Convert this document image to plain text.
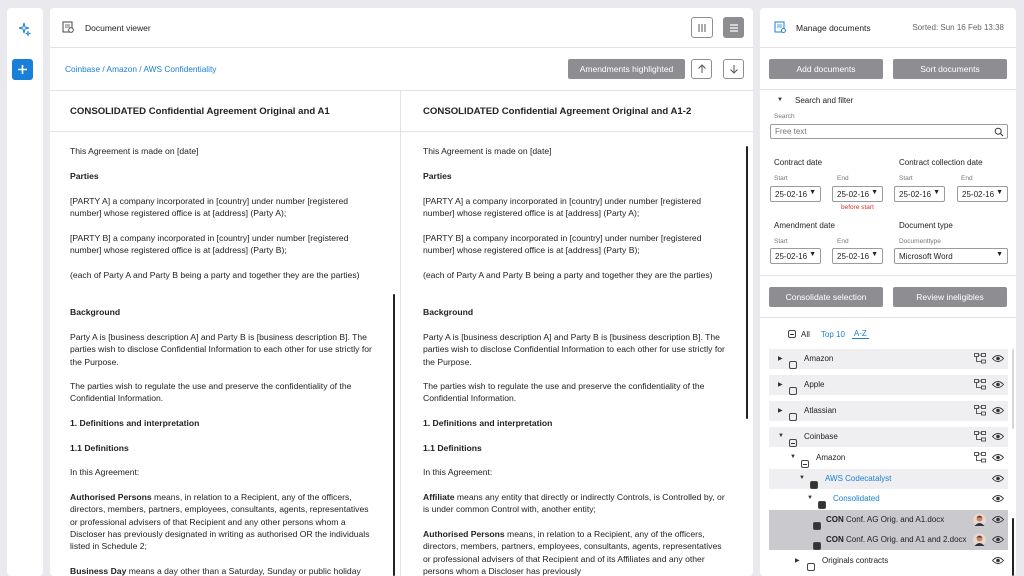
Document viewer
Coinbase / Amazon / AWS Confidentiality	Amendments highlighted
CONSOLIDATED Confidential Agreement Original and A1

This Agreement is made on [date]

Parties

[PARTY A] a company incorporated in [country] under number [registered number] whose registered office is at [address] (Party A);

[PARTY B] a company incorporated in [country] under number [registered number] whose registered office is at [address] (Party B);

(each of Party A and Party B being a party and together they are the parties)

Background

Party A is [business description A] and Party B is [business description B]. The parties wish to disclose Confidential Information to each other for use strictly for the Purpose.

The parties wish to regulate the use and preserve the confidentiality of the Confidential Information.

1. Definitions and interpretation

1.1 Definitions

In this Agreement:

Authorised Persons means, in relation to a Recipient, any of the officers, directors, members, partners, employees, consultants, agents, representatives or professional advisers of that Recipient and any other persons whom a Discloser has previously designated in writing as authorised OR the individuals listed in Schedule 2;

Business Day means a day other than a Saturday, Sunday or public holiday

CONSOLIDATED Confidential Agreement Original and A1-2

This Agreement is made on [date]

Parties

[PARTY A] a company incorporated in [country] under number [registered number] whose registered office is at [address] (Party A);

[PARTY B] a company incorporated in [country] under number [registered number] whose registered office is at [address] (Party B);

(each of Party A and Party B being a party and together they are the parties)

Background

Party A is [business description A] and Party B is [business description B]. The parties wish to disclose Confidential Information to each other for use strictly for the Purpose.

The parties wish to regulate the use and preserve the confidentiality of the Confidential Information.

1. Definitions and interpretation

1.1 Definitions

In this Agreement:

Affiliate means any entity that directly or indirectly Controls, is Controlled by, or is under common Control with, another entity;

Authorised Persons means, in relation to a Recipient, any of the officers, directors, members, partners, employees, consultants, agents, representatives or professional advisers of that Recipient and of its Affiliates and any other persons whom a Discloser has previously

Manage documents	Sorted: Sun 16 Feb 13:38
Add documents	Sort documents
▼ Search and filter
Search
Free text
Contract date	Contract collection date
Start	End	Start	End
25-02-16 ▼	25-02-16 ▼	25-02-16 ▼	25-02-16 ▼
before start
Amendment date	Document type
Start	End	Documenttype
25-02-16 ▼	25-02-16 ▼	Microsoft Word	▼
Consolidate selection	Review ineligibles
All Top 10 A-Z
▶	Amazon
▶	Apple
▶	Atlassian
▼	Coinbase
▼	Amazon
▼	AWS Codecatalyst
▼	Consolidated
CON Conf. AG Orig. and A1.docx
CON Conf. AG Orig. and A1 and 2.docx
▶	Originals contracts
